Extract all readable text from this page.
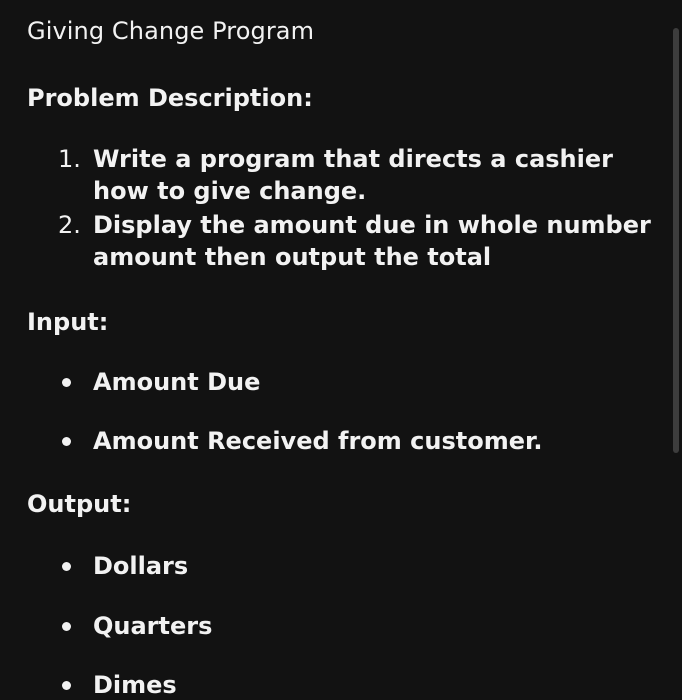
Giving Change Program
Problem Description:
1. Write a program that directs a cashier how to give change.
2. Display the amount due in whole number amount then output the total
Input:
Amount Due
Amount Received from customer.
Output:
Dollars
Quarters
Dimes
